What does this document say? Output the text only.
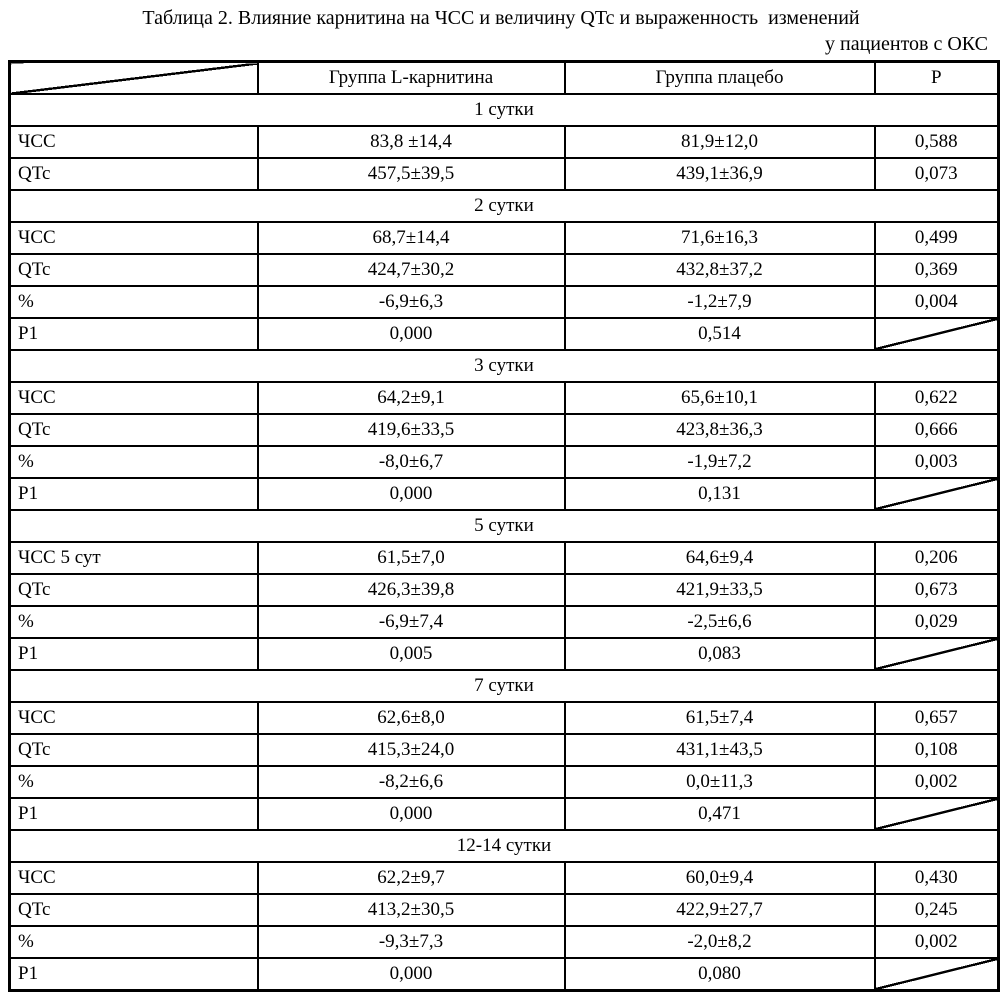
Таблица 2. Влияние карнитина на ЧСС и величину QTc и выраженность  изменений
у пациентов с ОКС
	Группа L-карнитина	Группа плацебо	P
1 сутки			
ЧСС	83,8 ±14,4	81,9±12,0	0,588
QTc	457,5±39,5	439,1±36,9	0,073
2 сутки			
ЧСС	68,7±14,4	71,6±16,3	0,499
QTc	424,7±30,2	432,8±37,2	0,369
%	-6,9±6,3	-1,2±7,9	0,004
P1	0,000	0,514	
3 сутки			
ЧСС	64,2±9,1	65,6±10,1	0,622
QTc	419,6±33,5	423,8±36,3	0,666
%	-8,0±6,7	-1,9±7,2	0,003
P1	0,000	0,131	
5 сутки			
ЧСС 5 сут	61,5±7,0	64,6±9,4	0,206
QTc	426,3±39,8	421,9±33,5	0,673
%	-6,9±7,4	-2,5±6,6	0,029
P1	0,005	0,083	
7 сутки			
ЧСС	62,6±8,0	61,5±7,4	0,657
QTc	415,3±24,0	431,1±43,5	0,108
%	-8,2±6,6	0,0±11,3	0,002
P1	0,000	0,471	
12-14 сутки			
ЧСС	62,2±9,7	60,0±9,4	0,430
QTc	413,2±30,5	422,9±27,7	0,245
%	-9,3±7,3	-2,0±8,2	0,002
P1	0,000	0,080	
